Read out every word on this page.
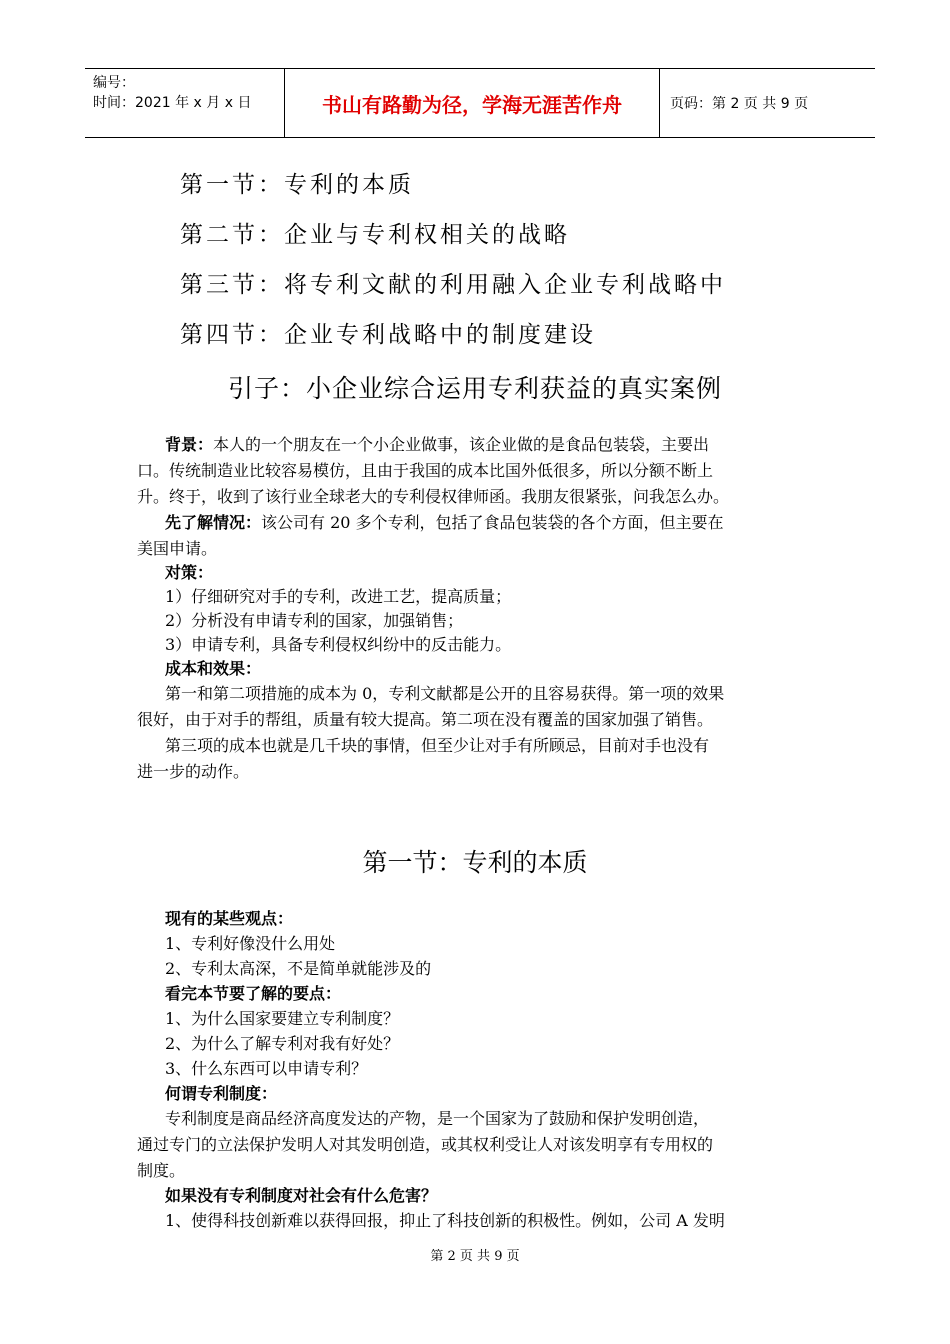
编号：
时间：2021 年 x 月 x 日	书山有路勤为径，学海无涯苦作舟	页码：第 2 页 共 9 页
第一节：专利的本质
第二节：企业与专利权相关的战略
第三节：将专利文献的利用融入企业专利战略中
第四节：企业专利战略中的制度建设
引子：小企业综合运用专利获益的真实案例
背景：本人的一个朋友在一个小企业做事，该企业做的是食品包装袋，主要出
口。传统制造业比较容易模仿，且由于我国的成本比国外低很多，所以分额不断上
升。终于，收到了该行业全球老大的专利侵权律师函。我朋友很紧张，问我怎么办。
先了解情况：该公司有 20 多个专利，包括了食品包装袋的各个方面，但主要在
美国申请。
对策：
1）仔细研究对手的专利，改进工艺，提高质量；
2）分析没有申请专利的国家，加强销售；
3）申请专利，具备专利侵权纠纷中的反击能力。
成本和效果：
第一和第二项措施的成本为 0，专利文献都是公开的且容易获得。第一项的效果
很好，由于对手的帮组，质量有较大提高。第二项在没有覆盖的国家加强了销售。
第三项的成本也就是几千块的事情，但至少让对手有所顾忌，目前对手也没有
进一步的动作。
第一节：专利的本质
现有的某些观点：
1、专利好像没什么用处
2、专利太高深，不是简单就能涉及的
看完本节要了解的要点：
1、为什么国家要建立专利制度？
2、为什么了解专利对我有好处？
3、什么东西可以申请专利？
何谓专利制度：
专利制度是商品经济高度发达的产物，是一个国家为了鼓励和保护发明创造，
通过专门的立法保护发明人对其发明创造，或其权利受让人对该发明享有专用权的
制度。
如果没有专利制度对社会有什么危害？
1、使得科技创新难以获得回报，抑止了科技创新的积极性。例如，公司 A 发明
第 2 页 共 9 页
